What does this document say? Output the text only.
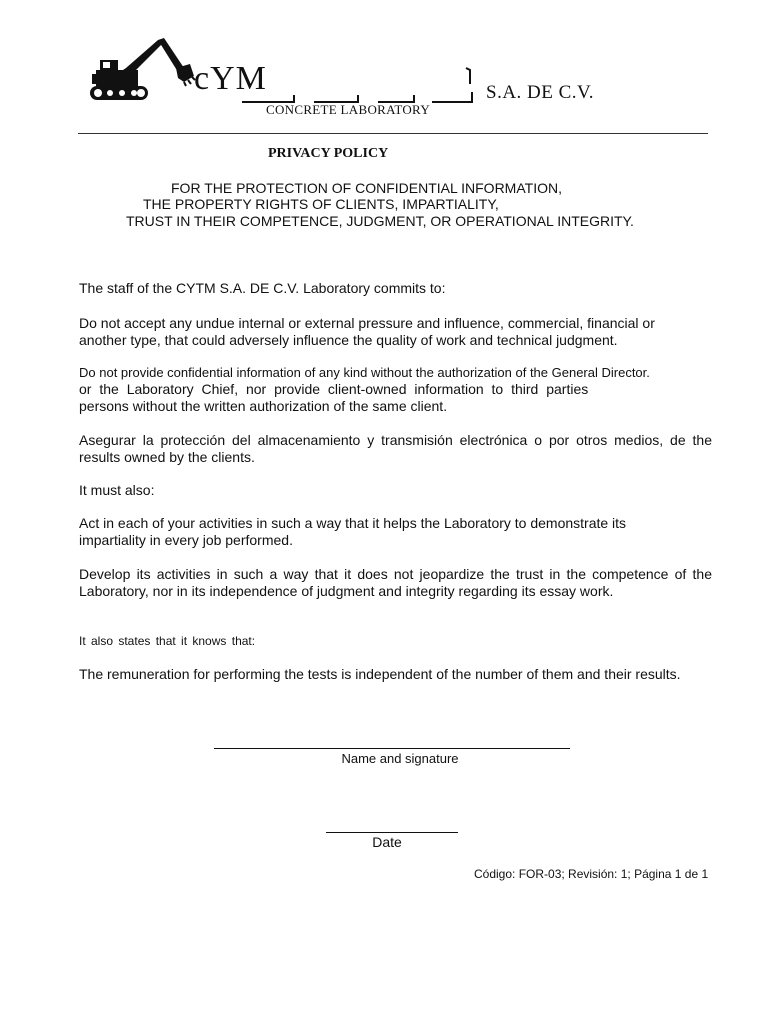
cYM	S.A. DE C.V.
CONCRETE LABORATORY
PRIVACY POLICY
FOR THE PROTECTION OF CONFIDENTIAL INFORMATION,
THE PROPERTY RIGHTS OF CLIENTS, IMPARTIALITY,
TRUST IN THEIR COMPETENCE, JUDGMENT, OR OPERATIONAL INTEGRITY.
The staff of the CYTM S.A. DE C.V. Laboratory commits to:
Do not accept any undue internal or external pressure and influence, commercial, financial or another type, that could adversely influence the quality of work and technical judgment.
Do not provide confidential information of any kind without the authorization of the General Director.
or the Laboratory Chief, nor provide client-owned information to third parties
persons without the written authorization of the same client.
Asegurar la protección del almacenamiento y transmisión electrónica o por otros medios, de the results owned by the clients.
It must also:
Act in each of your activities in such a way that it helps the Laboratory to demonstrate its impartiality in every job performed.
Develop its activities in such a way that it does not jeopardize the trust in the competence of the Laboratory, nor in its independence of judgment and integrity regarding its essay work.
It also states that it knows that:
The remuneration for performing the tests is independent of the number of them and their results.
Name and signature
Date
Código: FOR-03; Revisión: 1; Página 1 de 1
